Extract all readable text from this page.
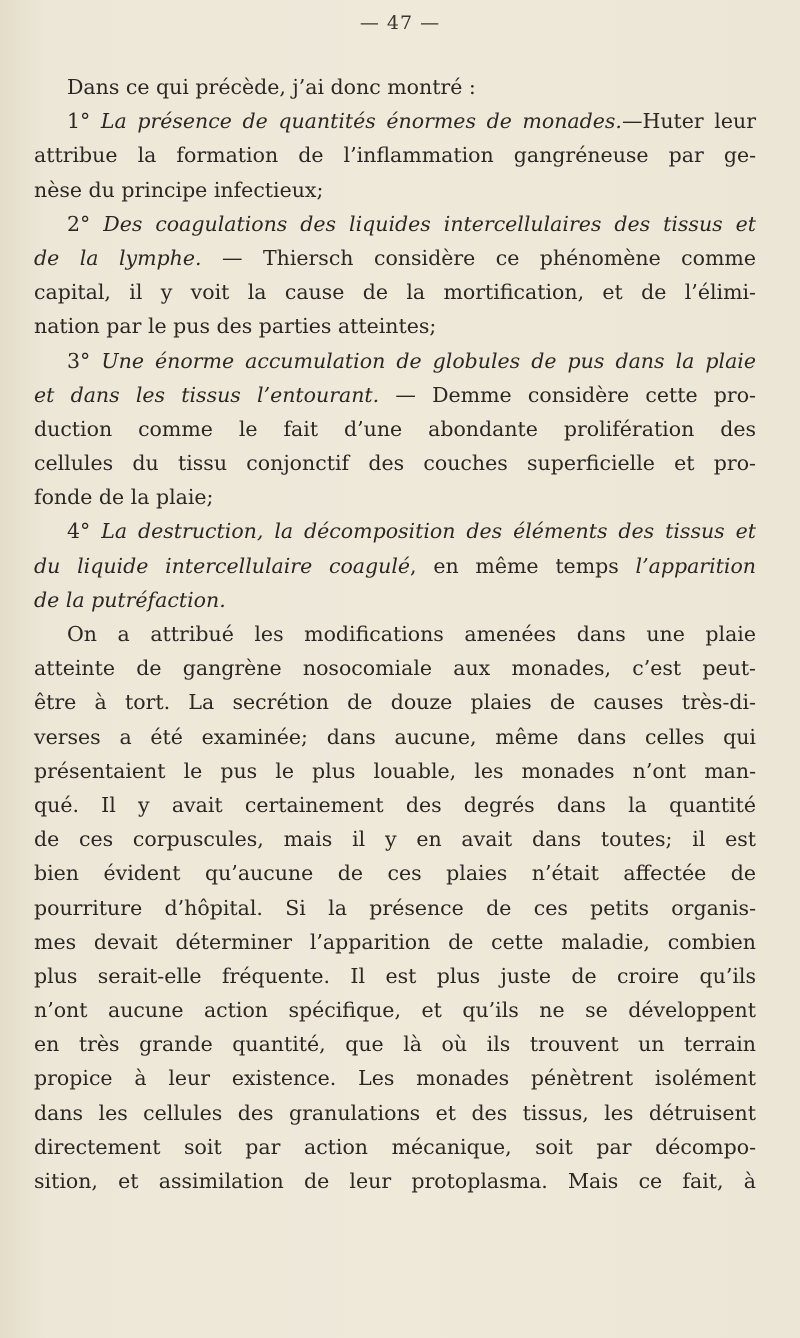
— 47 —
Dans ce qui précède, j’ai donc montré :
1° La présence de quantités énormes de monades.—Huter leur
attribue la formation de l’inflammation gangréneuse par ge-
nèse du principe infectieux;
2° Des coagulations des liquides intercellulaires des tissus et
de la lymphe. — Thiersch considère ce phénomène comme
capital, il y voit la cause de la mortification, et de l’élimi-
nation par le pus des parties atteintes;
3° Une énorme accumulation de globules de pus dans la plaie
et dans les tissus l’entourant. — Demme considère cette pro-
duction comme le fait d’une abondante prolifération des
cellules du tissu conjonctif des couches superficielle et pro-
fonde de la plaie;
4° La destruction, la décomposition des éléments des tissus et
du liquide intercellulaire coagulé, en même temps l’apparition
de la putréfaction.
On a attribué les modifications amenées dans une plaie
atteinte de gangrène nosocomiale aux monades, c’est peut-
être à tort. La secrétion de douze plaies de causes très-di-
verses a été examinée; dans aucune, même dans celles qui
présentaient le pus le plus louable, les monades n’ont man-
qué. Il y avait certainement des degrés dans la quantité
de ces corpuscules, mais il y en avait dans toutes; il est
bien évident qu’aucune de ces plaies n’était affectée de
pourriture d’hôpital. Si la présence de ces petits organis-
mes devait déterminer l’apparition de cette maladie, combien
plus serait-elle fréquente. Il est plus juste de croire qu’ils
n’ont aucune action spécifique, et qu’ils ne se développent
en très grande quantité, que là où ils trouvent un terrain
propice à leur existence. Les monades pénètrent isolément
dans les cellules des granulations et des tissus, les détruisent
directement soit par action mécanique, soit par décompo-
sition, et assimilation de leur protoplasma. Mais ce fait, à
